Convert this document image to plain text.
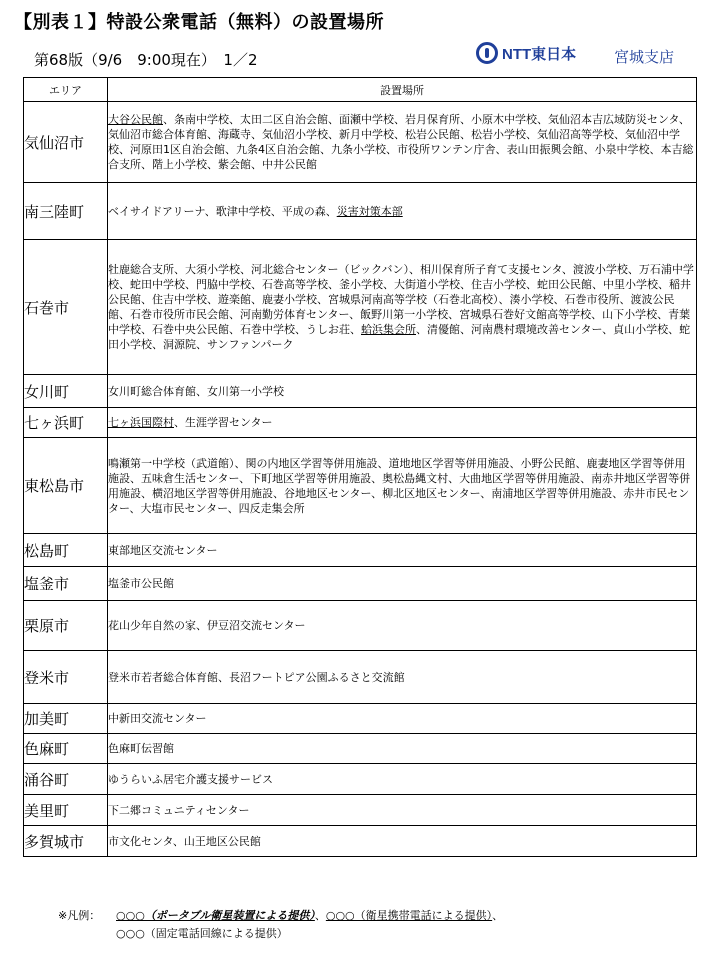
【別表１】特設公衆電話（無料）の設置場所
第68版（9/6　9:00現在）　1／2	NTT東日本	宮城支店
エリア	設置場所
気仙沼市	大谷公民館、条南中学校、太田二区自治会館、面瀬中学校、岩月保育所、小原木中学校、気仙沼本吉広域防災センタ、気仙沼市総合体育館、海蔵寺、気仙沼小学校、新月中学校、松岩公民館、松岩小学校、気仙沼高等学校、気仙沼中学校、河原田1区自治会館、九条4区自治会館、九条小学校、市役所ワンテン庁舎、表山田振興会館、小泉中学校、本吉総合支所、階上小学校、紫会館、中井公民館
南三陸町	ベイサイドアリーナ、歌津中学校、平成の森、災害対策本部
石巻市	牡鹿総合支所、大須小学校、河北総合センター（ビックバン）、相川保育所子育て支援センタ、渡波小学校、万石浦中学校、蛇田中学校、門脇中学校、石巻高等学校、釜小学校、大街道小学校、住吉小学校、蛇田公民館、中里小学校、稲井公民館、住吉中学校、遊楽館、鹿妻小学校、宮城県河南高等学校（石巻北高校）、湊小学校、石巻市役所、渡波公民館、石巻市役所市民会館、河南勤労体育センター、飯野川第一小学校、宮城県石巻好文館高等学校、山下小学校、青葉中学校、石巻中央公民館、石巻中学校、うしお荘、蛤浜集会所、清優館、河南農村環境改善センター、貞山小学校、蛇田小学校、洞源院、サンファンパーク
女川町	女川町総合体育館、女川第一小学校
七ヶ浜町	七ヶ浜国際村、生涯学習センター
東松島市	鳴瀬第一中学校（武道館）、関の内地区学習等併用施設、道地地区学習等併用施設、小野公民館、鹿妻地区学習等併用施設、五味倉生活センター、下町地区学習等併用施設、奥松島縄文村、大曲地区学習等併用施設、南赤井地区学習等併用施設、横沼地区学習等併用施設、谷地地区センター、柳北区地区センター、南浦地区学習等併用施設、赤井市民センター、大塩市民センター、四反走集会所
松島町	東部地区交流センター
塩釜市	塩釜市公民館
栗原市	花山少年自然の家、伊豆沼交流センター
登米市	登米市若者総合体育館、長沼フートピア公園ふるさと交流館
加美町	中新田交流センター
色麻町	色麻町伝習館
涌谷町	ゆうらいふ居宅介護支援サービス
美里町	下二郷コミュニティセンター
多賀城市	市文化センタ、山王地区公民館
※凡例： ○○○（ポータブル衛星装置による提供）、○○○（衛星携帯電話による提供）、
○○○（固定電話回線による提供）
